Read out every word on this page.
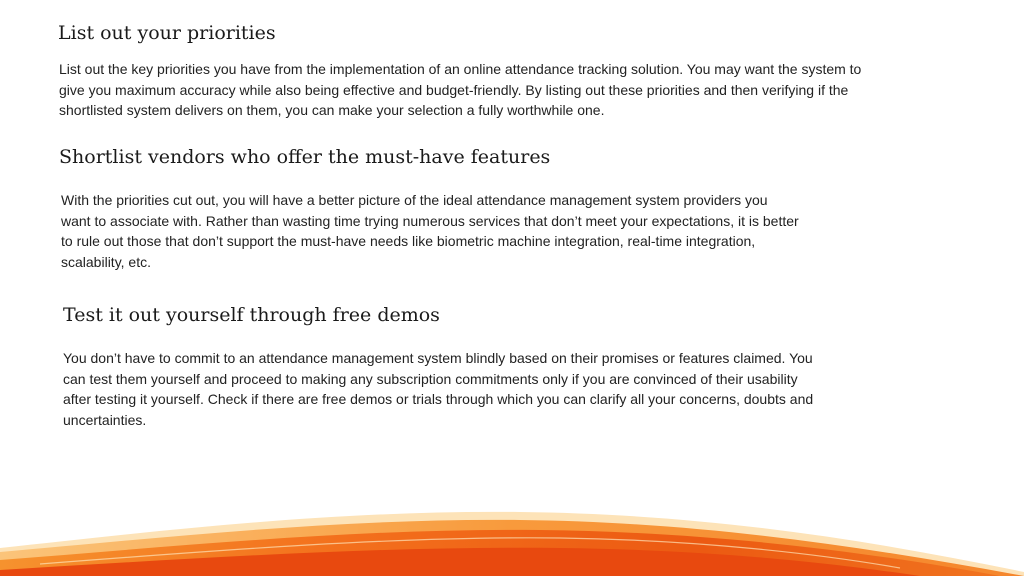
List out your priorities

List out the key priorities you have from the implementation of an online attendance tracking solution. You may want the system to give you maximum accuracy while also being effective and budget-friendly. By listing out these priorities and then verifying if the shortlisted system delivers on them, you can make your selection a fully worthwhile one.

Shortlist vendors who offer the must-have features

With the priorities cut out, you will have a better picture of the ideal attendance management system providers you want to associate with. Rather than wasting time trying numerous services that don’t meet your expectations, it is better to rule out those that don’t support the must-have needs like biometric machine integration, real-time integration, scalability, etc.

Test it out yourself through free demos

You don’t have to commit to an attendance management system blindly based on their promises or features claimed. You can test them yourself and proceed to making any subscription commitments only if you are convinced of their usability after testing it yourself. Check if there are free demos or trials through which you can clarify all your concerns, doubts and uncertainties.
